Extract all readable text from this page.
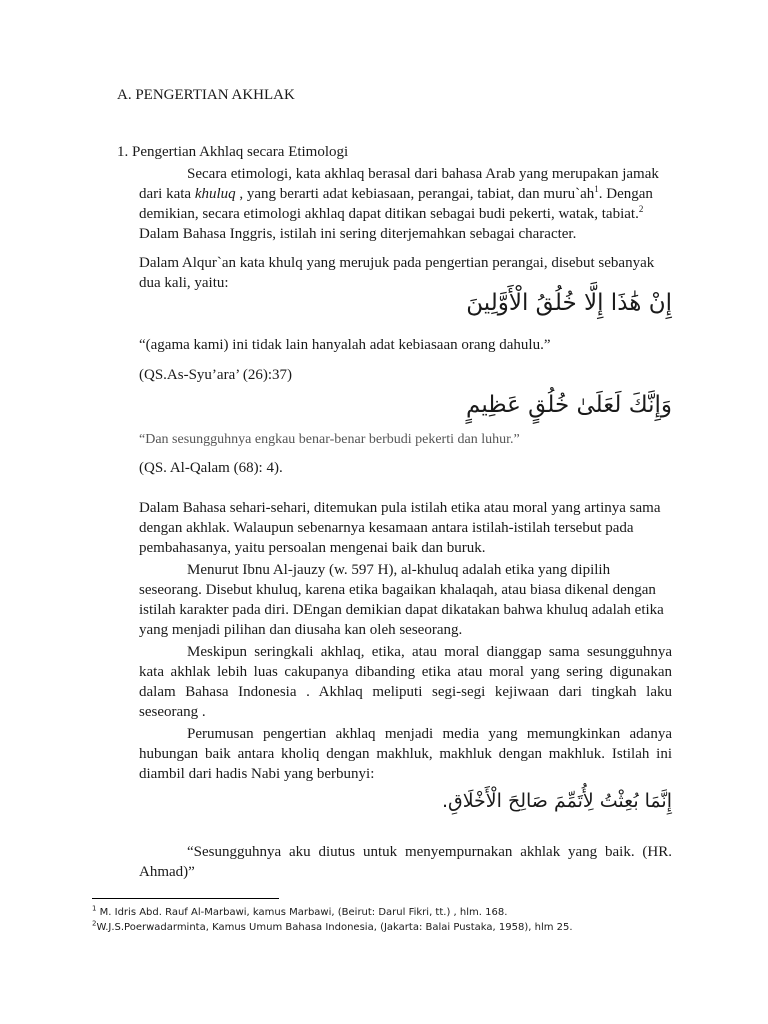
A. PENGERTIAN AKHLAK

1. Pengertian Akhlaq secara Etimologi

Secara etimologi, kata akhlaq berasal dari bahasa Arab yang merupakan jamak dari kata khuluq , yang berarti adat kebiasaan, perangai, tabiat, dan $muru`ah^1$. Dengan demikian, secara etimologi akhlaq dapat ditikan sebagai budi pekerti, watak, tabiat.$^2$ Dalam Bahasa Inggris, istilah ini sering diterjemahkan sebagai character.

Dalam Alqur`an kata khulq yang merujuk pada pengertian perangai, disebut sebanyak dua kali, yaitu:

إِنْ هَٰذَا إِلَّا خُلُقُ الْأَوَّلِينَ

“(agama kami) ini tidak lain hanyalah adat kebiasaan orang dahulu.”

(QS.As-Syu’ara’ (26):37)

وَإِنَّكَ لَعَلَىٰ خُلُقٍ عَظِيمٍ

“Dan sesungguhnya engkau benar-benar berbudi pekerti dan luhur.”

(QS. Al-Qalam (68): 4).

Dalam Bahasa sehari-sehari, ditemukan pula istilah etika atau moral yang artinya sama dengan akhlak. Walaupun sebenarnya kesamaan antara istilah-istilah tersebut pada pembahasanya, yaitu persoalan mengenai baik dan buruk.

Menurut Ibnu Al-jauzy (w. 597 H), al-khuluq adalah etika yang dipilih seseorang. Disebut khuluq, karena etika bagaikan khalaqah, atau biasa dikenal dengan istilah karakter pada diri. DEngan demikian dapat dikatakan bahwa khuluq adalah etika yang menjadi pilihan dan diusaha kan oleh seseorang.

Meskipun seringkali akhlaq, etika, atau moral dianggap sama sesungguhnya kata akhlak lebih luas cakupanya dibanding etika atau moral yang sering digunakan dalam Bahasa Indonesia . Akhlaq meliputi segi-segi kejiwaan dari tingkah laku seseorang .

Perumusan pengertian akhlaq menjadi media yang memungkinkan adanya hubungan baik antara kholiq dengan makhluk, makhluk dengan makhluk. Istilah ini diambil dari hadis Nabi yang berbunyi:

إِنَّمَا بُعِثْتُ لِأُتَمِّمَ صَالِحَ الْأَخْلَاقِ.

“Sesungguhnya aku diutus untuk menyempurnakan akhlak yang baik. (HR. Ahmad)”

$^1$ M. Idris Abd. Rauf Al-Marbawi, kamus Marbawi, (Beirut: Darul Fikri, tt.) , hlm. 168.

$^2$W.J.S.Poerwadarminta, Kamus Umum Bahasa Indonesia, (Jakarta: Balai Pustaka, 1958), hlm 25.
